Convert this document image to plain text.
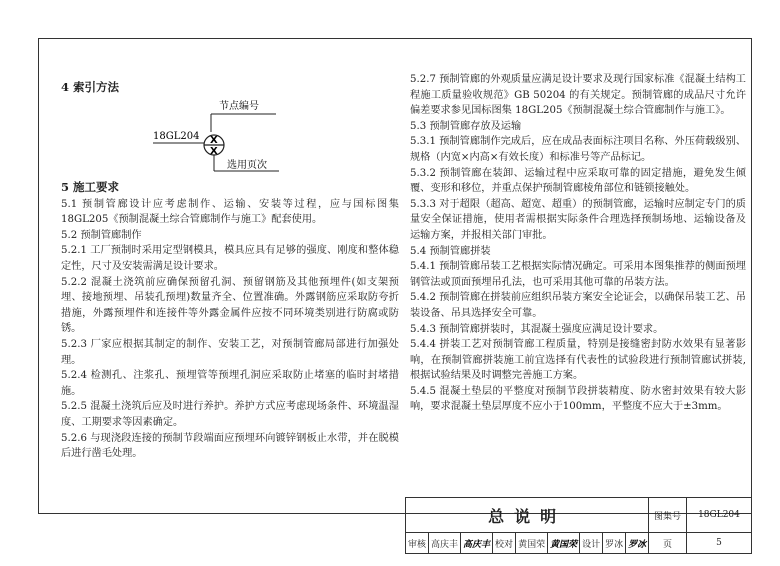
4 索引方法

节点编号
18GL204 X
X
选用页次

5 施工要求

5.1 预制管廊设计应考虑制作、运输、安装等过程，应与国标图集18GL205《预制混凝土综合管廊制作与施工》配套使用。

5.2 预制管廊制作

5.2.1 工厂预制时采用定型钢模具，模具应具有足够的强度、刚度和整体稳定性，尺寸及安装需满足设计要求。

5.2.2 混凝土浇筑前应确保预留孔洞、预留钢筋及其他预埋件(如支架预埋、接地预埋、吊装孔预埋)数量齐全、位置准确。外露钢筋应采取防夸折措施，外露预埋件和连接件等外露金属件应按不同环境类别进行防腐或防锈。

5.2.3 厂家应根据其制定的制作、安装工艺，对预制管廊局部进行加强处理。

5.2.4 检测孔、注浆孔、预埋管等预埋孔洞应采取防止堵塞的临时封堵措施。

5.2.5 混凝土浇筑后应及时进行养护。养护方式应考虑现场条件、环境温湿度、工期要求等因素确定。

5.2.6 与现浇段连接的预制节段端面应预埋环向镀锌钢板止水带，并在脱模后进行凿毛处理。

5.2.7 预制管廊的外观质量应满足设计要求及现行国家标准《混凝土结构工程施工质量验收规范》GB 50204 的有关规定。预制管廊的成品尺寸允许偏差要求参见国标图集 18GL205《预制混凝土综合管廊制作与施工》。

5.3 预制管廊存放及运输

5.3.1 预制管廊制作完成后，应在成品表面标注项目名称、外压荷载级别、规格（内宽×内高×有效长度）和标准号等产品标记。

5.3.2 预制管廊在装卸、运输过程中应采取可靠的固定措施，避免发生倾覆、变形和移位，并重点保护预制管廊棱角部位和链锁接触处。

5.3.3 对于超限（超高、超宽、超重）的预制管廊，运输时应制定专门的质量安全保证措施，使用者需根据实际条件合理选择预制场地、运输设备及运输方案，并报相关部门审批。

5.4 预制管廊拼装

5.4.1 预制管廊吊装工艺根据实际情况确定。可采用本图集推荐的侧面预埋钢管法或顶面预埋吊孔法，也可采用其他可靠的吊装方法。

5.4.2 预制管廊在拼装前应组织吊装方案安全论证会，以确保吊装工艺、吊装设备、吊具选择安全可靠。

5.4.3 预制管廊拼装时，其混凝土强度应满足设计要求。

5.4.4 拼装工艺对预制管廊工程质量，特别是接缝密封防水效果有显著影响，在预制管廊拼装施工前宜选择有代表性的试验段进行预制管廊试拼装,根据试验结果及时调整完善施工方案。

5.4.5 混凝土垫层的平整度对预制节段拼装精度、防水密封效果有较大影响，要求混凝土垫层厚度不应小于100mm，平整度不应大于±3mm。

总说明									图集号	18GL204
审核	高庆丰	高庆丰	校对	黄国荣	黄国荣	设计	罗冰	罗冰	页	5
